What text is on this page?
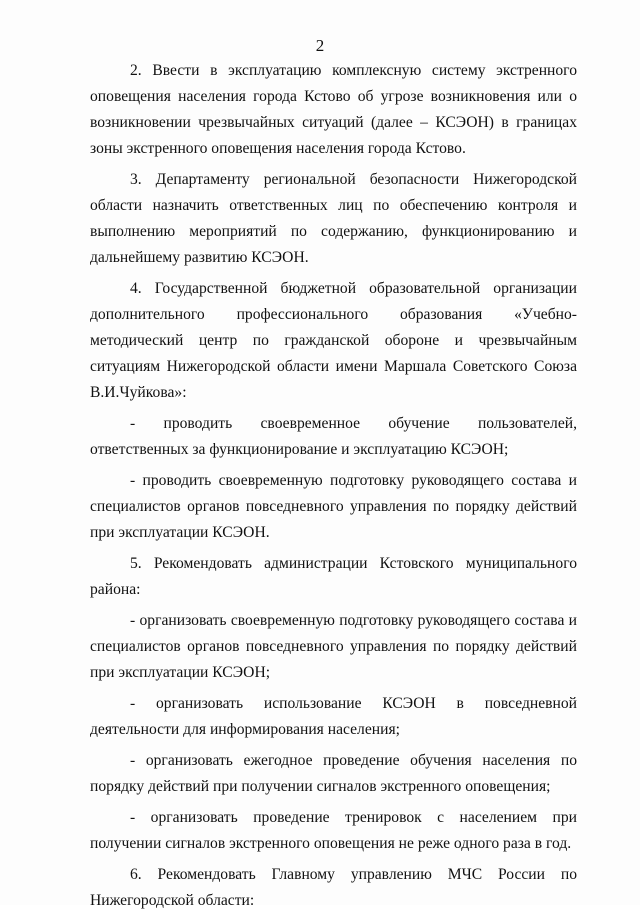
2

2. Ввести в эксплуатацию комплексную систему экстренного оповещения населения города Кстово об угрозе возникновения или о возникновении чрезвычайных ситуаций (далее – КСЭОН) в границах зоны экстренного оповещения населения города Кстово.

3. Департаменту региональной безопасности Нижегородской области назначить ответственных лиц по обеспечению контроля и выполнению мероприятий по содержанию, функционированию и дальнейшему развитию КСЭОН.

4. Государственной бюджетной образовательной организации дополнительного профессионального образования «Учебно-методический центр по гражданской обороне и чрезвычайным ситуациям Нижегородской области имени Маршала Советского Союза В.И.Чуйкова»:

- проводить своевременное обучение пользователей, ответственных за функционирование и эксплуатацию КСЭОН;

- проводить своевременную подготовку руководящего состава и специалистов органов повседневного управления по порядку действий при эксплуатации КСЭОН.

5. Рекомендовать администрации Кстовского муниципального района:

- организовать своевременную подготовку руководящего состава и специалистов органов повседневного управления по порядку действий при эксплуатации КСЭОН;

- организовать использование КСЭОН в повседневной деятельности для информирования населения;

- организовать ежегодное проведение обучения населения по порядку действий при получении сигналов экстренного оповещения;

- организовать проведение тренировок с населением при получении сигналов экстренного оповещения не реже одного раза в год.

6. Рекомендовать Главному управлению МЧС России по Нижегородской области:
